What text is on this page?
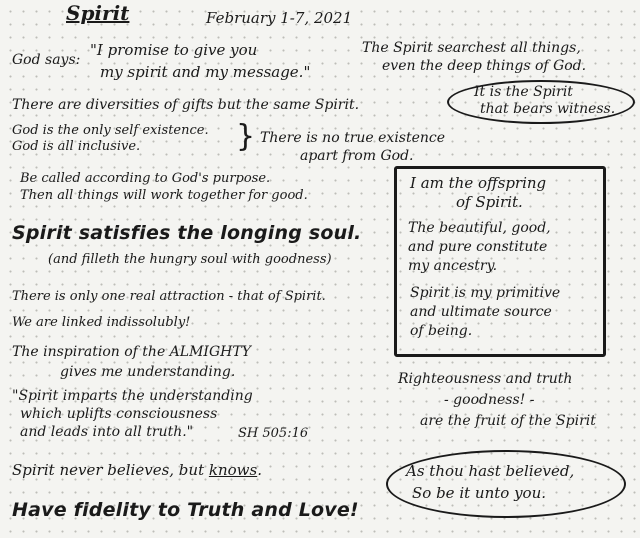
Spirit	February 1-7, 2021
God says:
"I promise to give you
my spirit and my message."
The Spirit searchest all things,
even the deep things of God.
There are diversities of gifts but the same Spirit.
It is the Spirit
that bears witness.
God is the only self existence.
God is all inclusive.	} There is no true existence
apart from God.
Be called according to God's purpose.
Then all things will work together for good.
Spirit satisfies the longing soul.
(and filleth the hungry soul with goodness)
I am the offspring
of Spirit.
The beautiful, good,
and pure constitute
my ancestry.
Spirit is my primitive
and ultimate source
of being.
There is only one real attraction - that of Spirit.
We are linked indissolubly!
The inspiration of the ALMIGHTY
gives me understanding.
"Spirit imparts the understanding
which uplifts consciousness
and leads into all truth."	SH 505:16
Righteousness and truth
- goodness! -
are the fruit of the Spirit
Spirit never believes, but knows.	As thou hast believed,
So be it unto you.
Have fidelity to Truth and Love!
